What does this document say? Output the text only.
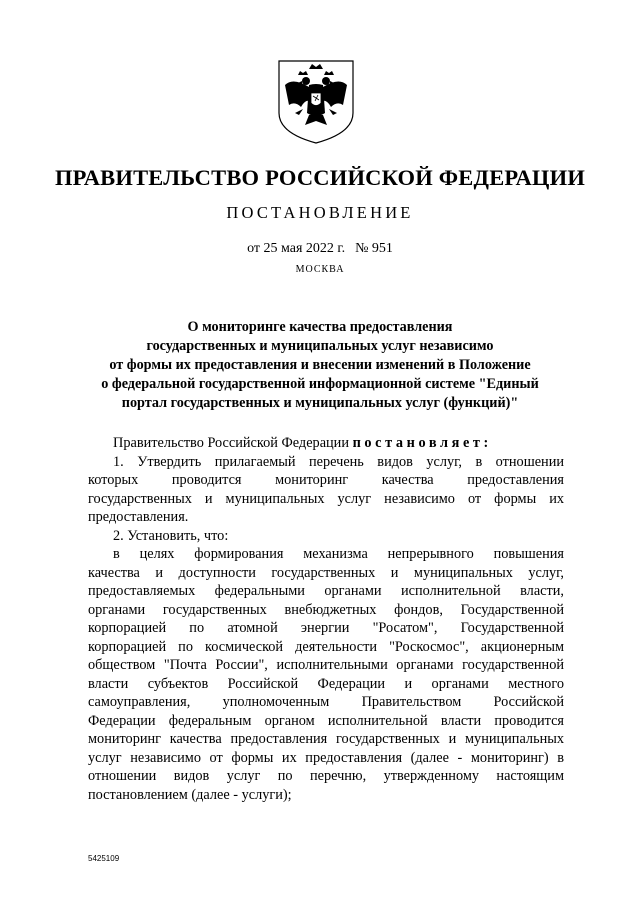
ПРАВИТЕЛЬСТВО РОССИЙСКОЙ ФЕДЕРАЦИИ
ПОСТАНОВЛЕНИЕ
от 25 мая 2022 г. № 951
МОСКВА
О мониторинге качества предоставления
государственных и муниципальных услуг независимо
от формы их предоставления и внесении изменений в Положение
о федеральной государственной информационной системе "Единый
портал государственных и муниципальных услуг (функций)"
Правительство Российской Федерации постановляет:
1. Утвердить прилагаемый перечень видов услуг, в отношении
которых проводится мониторинг качества предоставления
государственных и муниципальных услуг независимо от формы их
предоставления.
2. Установить, что:
в целях формирования механизма непрерывного повышения
качества и доступности государственных и муниципальных услуг,
предоставляемых федеральными органами исполнительной власти,
органами государственных внебюджетных фондов, Государственной
корпорацией по атомной энергии "Росатом", Государственной
корпорацией по космической деятельности "Роскосмос", акционерным
обществом "Почта России", исполнительными органами государственной
власти субъектов Российской Федерации и органами местного
самоуправления, уполномоченным Правительством Российской
Федерации федеральным органом исполнительной власти проводится
мониторинг качества предоставления государственных и муниципальных
услуг независимо от формы их предоставления (далее - мониторинг) в
отношении видов услуг по перечню, утвержденному настоящим
постановлением (далее - услуги);
5425109
